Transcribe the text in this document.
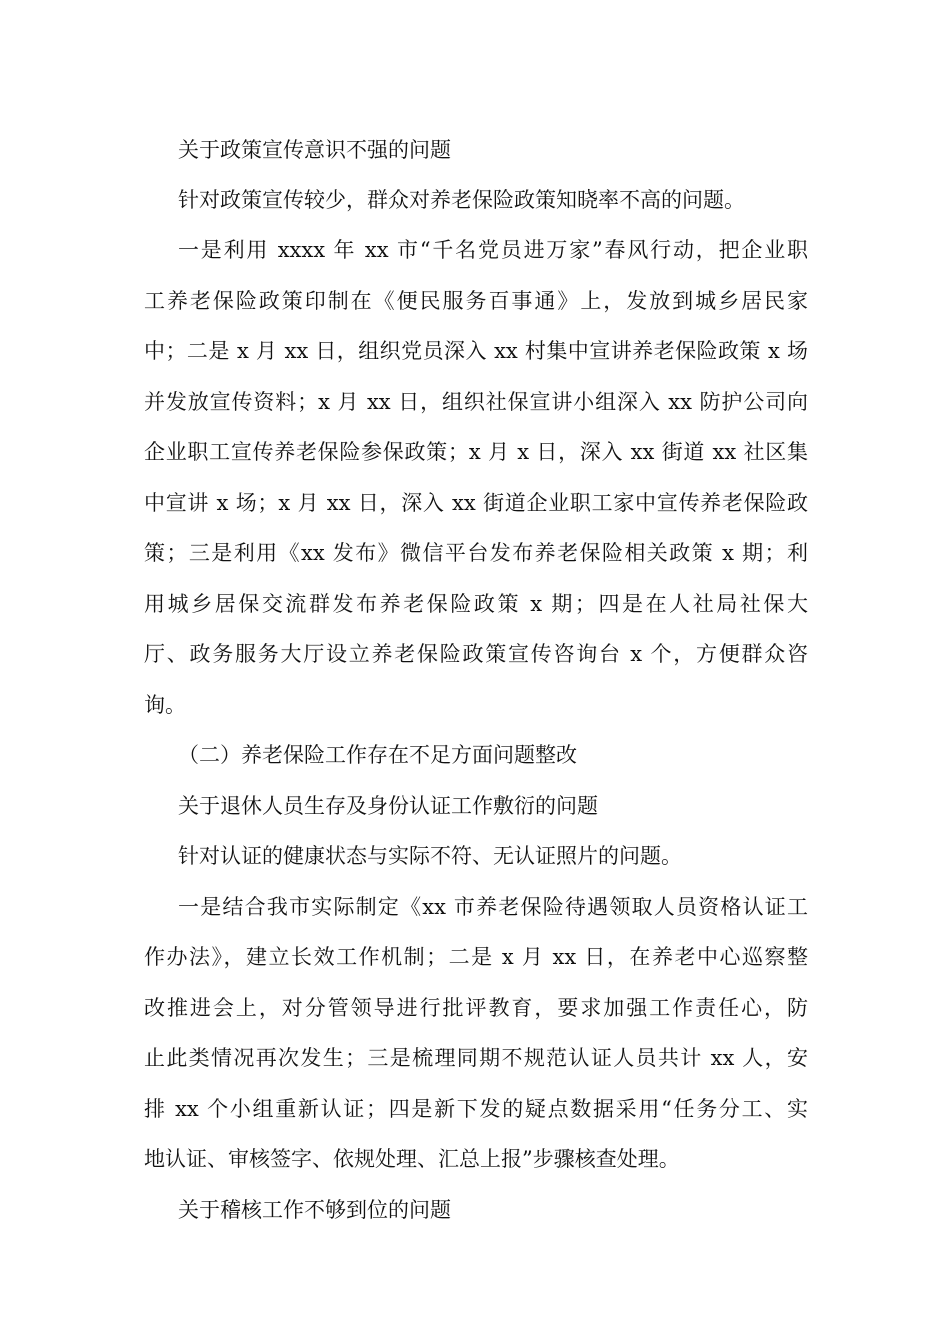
关于政策宣传意识不强的问题
针对政策宣传较少，群众对养老保险政策知晓率不高的问题。
一是利用 xxxx 年 xx 市“千名党员进万家”春风行动，把企业职
工养老保险政策印制在《便民服务百事通》上，发放到城乡居民家
中；二是 x 月 xx 日，组织党员深入 xx 村集中宣讲养老保险政策 x 场
并发放宣传资料；x 月 xx 日，组织社保宣讲小组深入 xx 防护公司向
企业职工宣传养老保险参保政策；x 月 x 日，深入 xx 街道 xx 社区集
中宣讲 x 场；x 月 xx 日，深入 xx 街道企业职工家中宣传养老保险政
策；三是利用《xx 发布》微信平台发布养老保险相关政策 x 期；利
用城乡居保交流群发布养老保险政策 x 期；四是在人社局社保大
厅、政务服务大厅设立养老保险政策宣传咨询台 x 个，方便群众咨
询。
（二）养老保险工作存在不足方面问题整改
关于退休人员生存及身份认证工作敷衍的问题
针对认证的健康状态与实际不符、无认证照片的问题。
一是结合我市实际制定《xx 市养老保险待遇领取人员资格认证工
作办法》，建立长效工作机制；二是 x 月 xx 日，在养老中心巡察整
改推进会上，对分管领导进行批评教育，要求加强工作责任心，防
止此类情况再次发生；三是梳理同期不规范认证人员共计 xx 人，安
排 xx 个小组重新认证；四是新下发的疑点数据采用“任务分工、实
地认证、审核签字、依规处理、汇总上报”步骤核查处理。
关于稽核工作不够到位的问题
